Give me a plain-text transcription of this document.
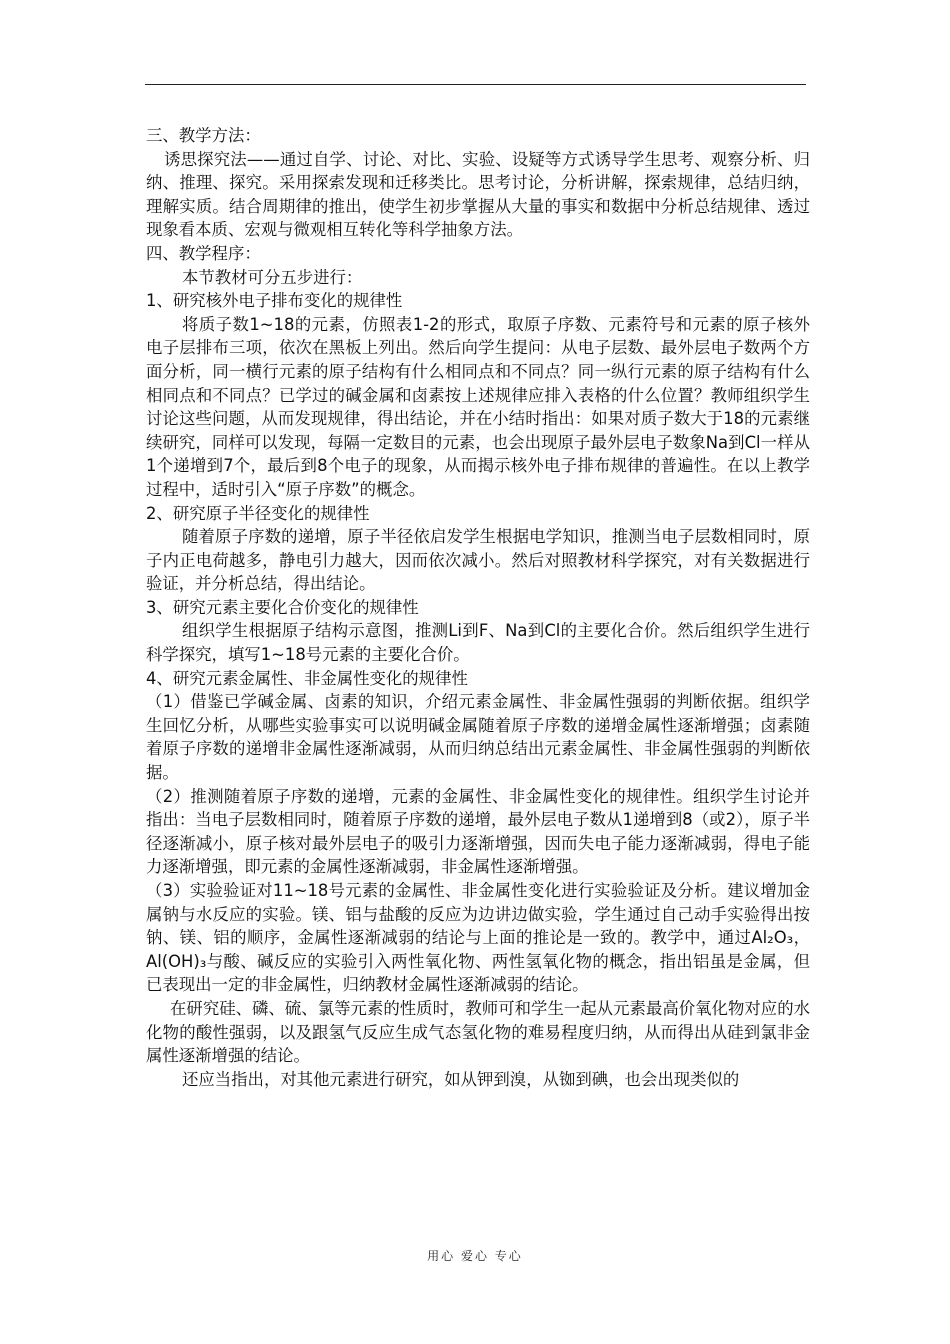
三、教学方法：

诱思探究法——通过自学、讨论、对比、实验、设疑等方式诱导学生思考、观察分析、归纳、推理、探究。采用探索发现和迁移类比。思考讨论，分析讲解，探索规律，总结归纳，理解实质。结合周期律的推出，使学生初步掌握从大量的事实和数据中分析总结规律、透过现象看本质、宏观与微观相互转化等科学抽象方法。

四、教学程序：

本节教材可分五步进行：

1、研究核外电子排布变化的规律性

将质子数1~18的元素，仿照表1-2的形式，取原子序数、元素符号和元素的原子核外电子层排布三项，依次在黑板上列出。然后向学生提问：从电子层数、最外层电子数两个方面分析，同一横行元素的原子结构有什么相同点和不同点？同一纵行元素的原子结构有什么相同点和不同点？已学过的碱金属和卤素按上述规律应排入表格的什么位置？教师组织学生讨论这些问题，从而发现规律，得出结论，并在小结时指出：如果对质子数大于18的元素继续研究，同样可以发现，每隔一定数目的元素，也会出现原子最外层电子数象Na到Cl一样从1个递增到7个，最后到8个电子的现象，从而揭示核外电子排布规律的普遍性。在以上教学过程中，适时引入“原子序数”的概念。

2、研究原子半径变化的规律性

随着原子序数的递增，原子半径依启发学生根据电学知识，推测当电子层数相同时，原子内正电荷越多，静电引力越大，因而依次减小。然后对照教材科学探究，对有关数据进行验证，并分析总结，得出结论。

3、研究元素主要化合价变化的规律性

组织学生根据原子结构示意图，推测Li到F、Na到Cl的主要化合价。然后组织学生进行科学探究，填写1~18号元素的主要化合价。

4、研究元素金属性、非金属性变化的规律性

（1）借鉴已学碱金属、卤素的知识，介绍元素金属性、非金属性强弱的判断依据。组织学生回忆分析，从哪些实验事实可以说明碱金属随着原子序数的递增金属性逐渐增强；卤素随着原子序数的递增非金属性逐渐减弱，从而归纳总结出元素金属性、非金属性强弱的判断依据。

（2）推测随着原子序数的递增，元素的金属性、非金属性变化的规律性。组织学生讨论并指出：当电子层数相同时，随着原子序数的递增，最外层电子数从1递增到8（或2），原子半径逐渐减小，原子核对最外层电子的吸引力逐渐增强，因而失电子能力逐渐减弱，得电子能力逐渐增强，即元素的金属性逐渐减弱，非金属性逐渐增强。

（3）实验验证对11~18号元素的金属性、非金属性变化进行实验验证及分析。建议增加金属钠与水反应的实验。镁、铝与盐酸的反应为边讲边做实验，学生通过自己动手实验得出按钠、镁、铝的顺序，金属性逐渐减弱的结论与上面的推论是一致的。教学中，通过Al₂O₃，Al(OH)₃与酸、碱反应的实验引入两性氧化物、两性氢氧化物的概念，指出铝虽是金属，但已表现出一定的非金属性，归纳教材金属性逐渐减弱的结论。

在研究硅、磷、硫、氯等元素的性质时，教师可和学生一起从元素最高价氧化物对应的水化物的酸性强弱，以及跟氢气反应生成气态氢化物的难易程度归纳，从而得出从硅到氯非金属性逐渐增强的结论。

还应当指出，对其他元素进行研究，如从钾到溴，从铷到碘，也会出现类似的

用心 爱心 专心
